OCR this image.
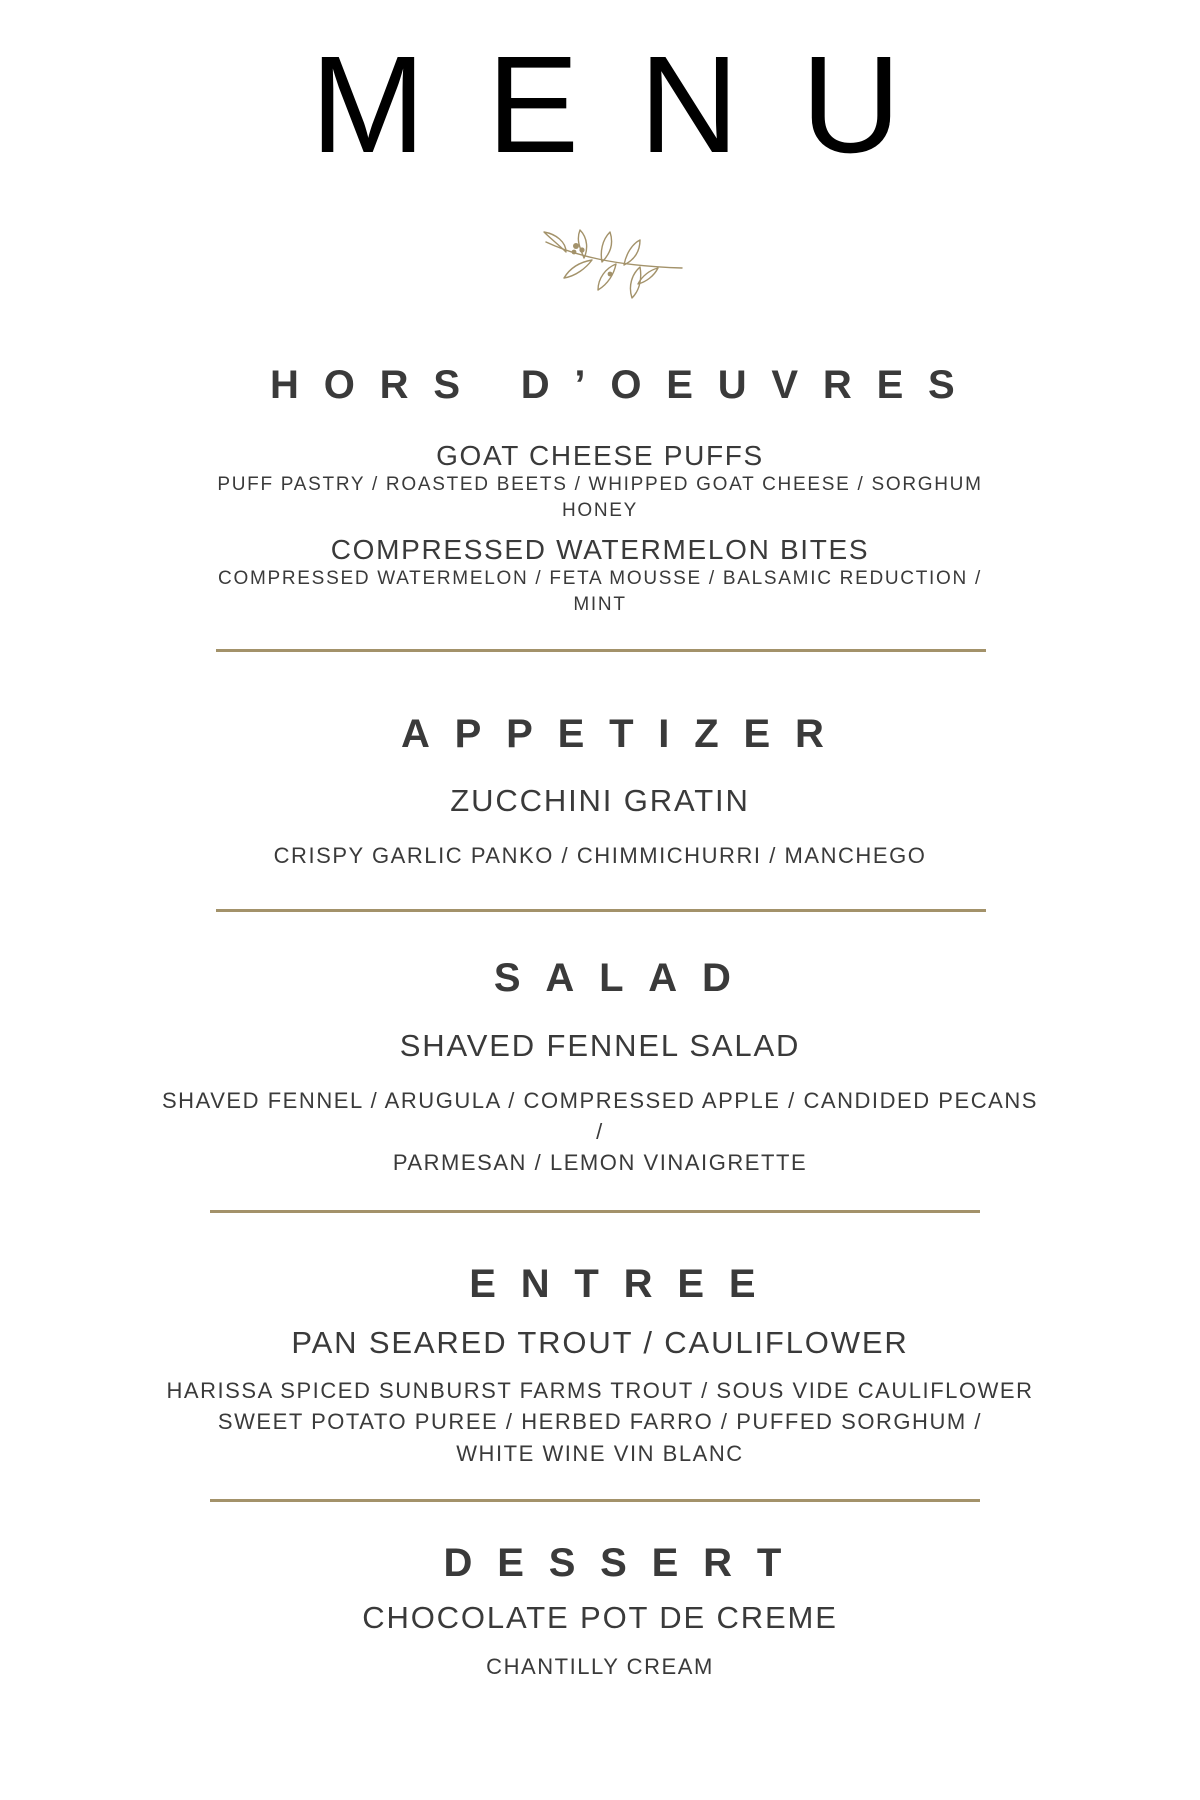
M E N U
HORS D’OEUVRES
GOAT CHEESE PUFFS
PUFF PASTRY / ROASTED BEETS / WHIPPED GOAT CHEESE / SORGHUM
HONEY
COMPRESSED WATERMELON BITES
COMPRESSED WATERMELON / FETA MOUSSE / BALSAMIC REDUCTION /
MINT
APPETIZER
ZUCCHINI GRATIN
CRISPY GARLIC PANKO / CHIMMICHURRI / MANCHEGO
SALAD
SHAVED FENNEL SALAD
SHAVED FENNEL / ARUGULA / COMPRESSED APPLE / CANDIDED PECANS
/
PARMESAN / LEMON VINAIGRETTE
ENTREE
PAN SEARED TROUT / CAULIFLOWER
HARISSA SPICED SUNBURST FARMS TROUT / SOUS VIDE CAULIFLOWER
SWEET POTATO PUREE / HERBED FARRO / PUFFED SORGHUM /
WHITE WINE VIN BLANC
DESSERT
CHOCOLATE POT DE CREME
CHANTILLY CREAM
